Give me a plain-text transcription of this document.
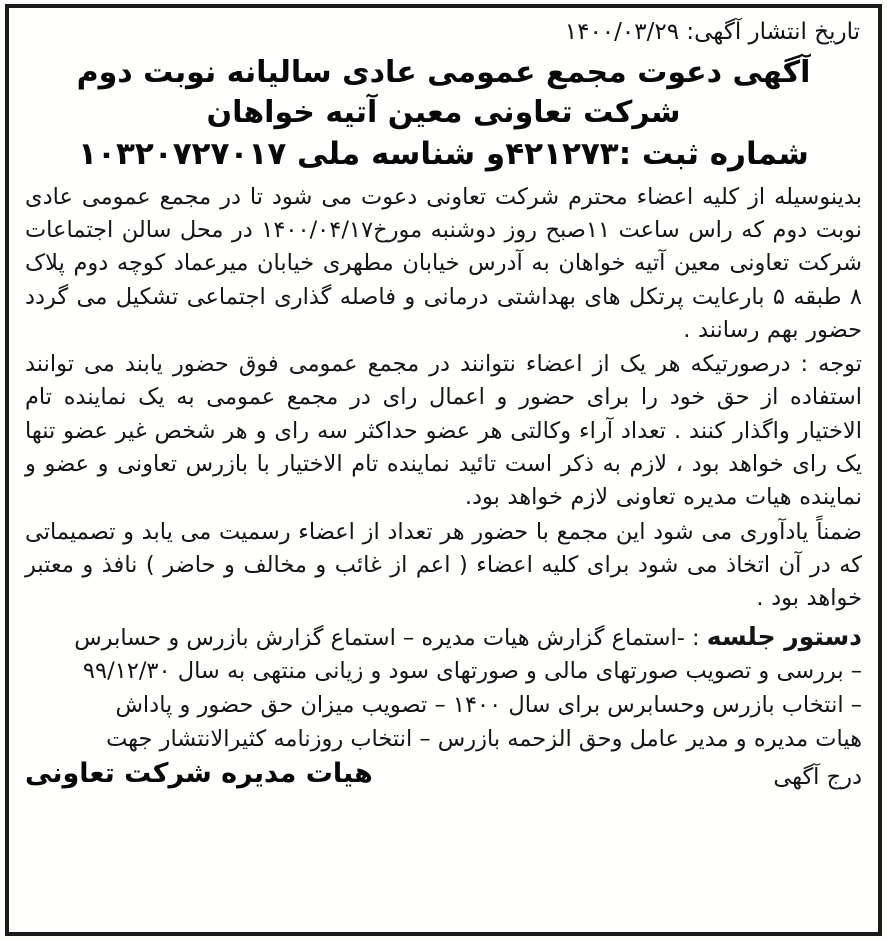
تاریخ انتشار آگهی: ۱۴۰۰/۰۳/۲۹
آگهی دعوت مجمع عمومی عادی سالیانه نوبت دوم
شرکت تعاونی معین آتیه خواهان
شماره ثبت :۴۲۱۲۷۳و شناسه ملی ۱۰۳۲۰۷۲۷۰۱۷

بدینوسیله از کلیه اعضاء محترم شرکت تعاونی دعوت می شود تا در مجمع عمومی عادی نوبت دوم که راس ساعت ۱۱صبح روز دوشنبه مورخ۱۴۰۰/۰۴/۱۷ در محل سالن اجتماعات شرکت تعاونی معین آتیه خواهان به آدرس خیابان مطهری خیابان میرعماد کوچه دوم پلاک ۸ طبقه ۵ بارعایت پرتکل های بهداشتی درمانی و فاصله گذاری اجتماعی تشکیل می گردد حضور بهم رسانند .

توجه : درصورتیکه هر یک از اعضاء نتوانند در مجمع عمومی فوق حضور یابند می توانند استفاده از حق خود را برای حضور و اعمال رای در مجمع عمومی به یک نماینده تام الاختیار واگذار کنند . تعداد آراء وکالتی هر عضو حداکثر سه رای و هر شخص غیر عضو تنها یک رای خواهد بود ، لازم به ذکر است تائید نماینده تام الاختیار با بازرس تعاونی و عضو و نماینده هیات مدیره تعاونی لازم خواهد بود.

ضمناً یادآوری می شود این مجمع با حضور هر تعداد از اعضاء رسمیت می یابد و تصمیماتی که در آن اتخاذ می شود برای کلیه اعضاء ( اعم از غائب و مخالف و حاضر ) نافذ و معتبر خواهد بود .

دستور جلسه : -استماع گزارش هیات مدیره – استماع گزارش بازرس و حسابرس
– بررسی و تصویب صورتهای مالی و صورتهای سود و زیانی منتهی به سال ۹۹/۱۲/۳۰
– انتخاب بازرس وحسابرس برای سال ۱۴۰۰ – تصویب میزان حق حضور و پاداش
هیات مدیره و مدیر عامل وحق الزحمه بازرس – انتخاب روزنامه کثیرالانتشار جهت
درج آگهی
هیات مدیره شرکت تعاونی
